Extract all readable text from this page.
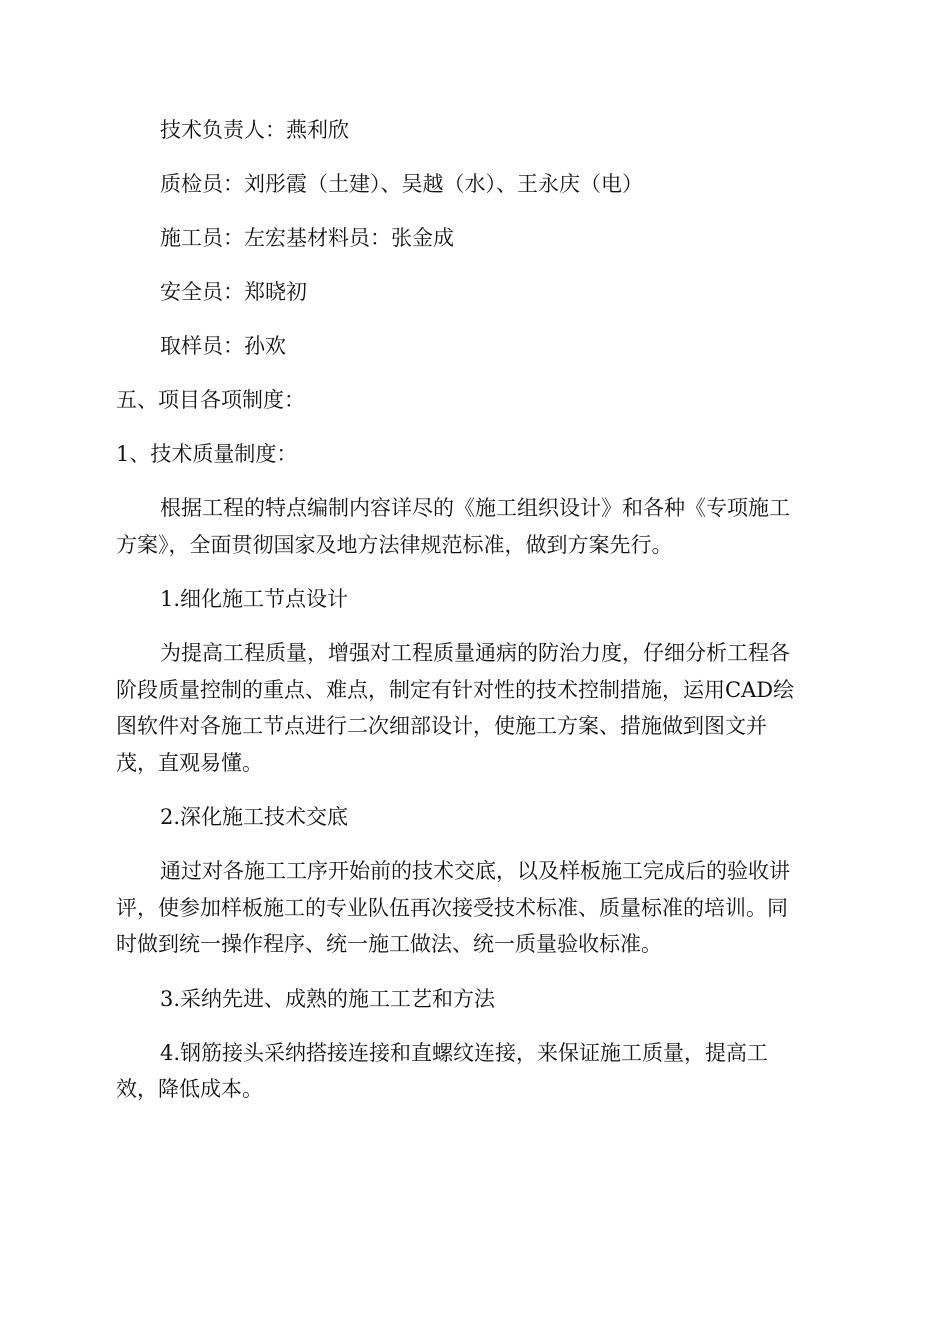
技术负责人：燕利欣

质检员：刘彤霞（土建）、吴越（水）、王永庆（电）

施工员：左宏基材料员：张金成

安全员：郑晓初

取样员：孙欢

五、项目各项制度：

1、技术质量制度：

根据工程的特点编制内容详尽的《施工组织设计》和各种《专项施工
方案》，全面贯彻国家及地方法律规范标准，做到方案先行。

1.细化施工节点设计

为提高工程质量，增强对工程质量通病的防治力度，仔细分析工程各
阶段质量控制的重点、难点，制定有针对性的技术控制措施，运用CAD绘
图软件对各施工节点进行二次细部设计，使施工方案、措施做到图文并
茂，直观易懂。

2.深化施工技术交底

通过对各施工工序开始前的技术交底，以及样板施工完成后的验收讲
评，使参加样板施工的专业队伍再次接受技术标准、质量标准的培训。同
时做到统一操作程序、统一施工做法、统一质量验收标准。

3.采纳先进、成熟的施工工艺和方法

4.钢筋接头采纳搭接连接和直螺纹连接，来保证施工质量，提高工
效，降低成本。
